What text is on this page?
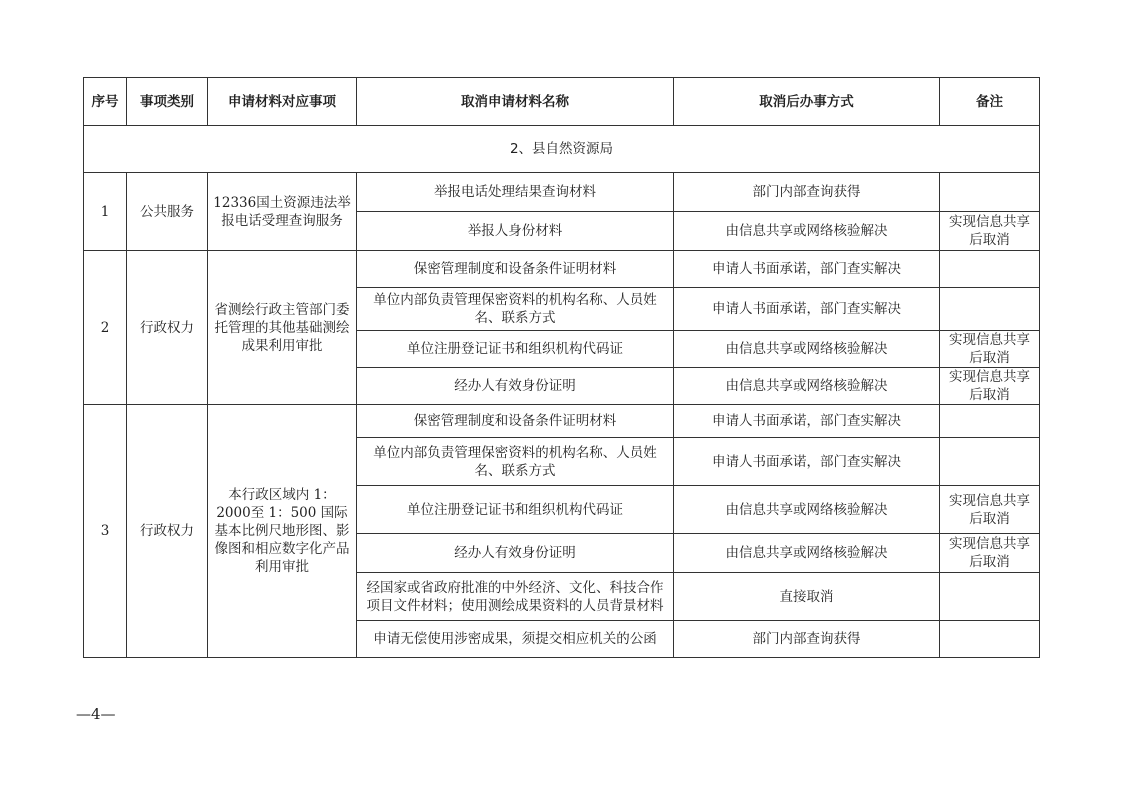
序号	事项类别	申请材料对应事项	取消申请材料名称	取消后办事方式	备注
2、县自然资源局					
1	公共服务	12336国土资源违法举报电话受理查询服务	举报电话处理结果查询材料	部门内部查询获得	
			举报人身份材料	由信息共享或网络核验解决	实现信息共享后取消
2	行政权力	省测绘行政主管部门委托管理的其他基础测绘成果利用审批	保密管理制度和设备条件证明材料	申请人书面承诺，部门查实解决	
			单位内部负责管理保密资料的机构名称、人员姓名、联系方式	申请人书面承诺，部门查实解决	
			单位注册登记证书和组织机构代码证	由信息共享或网络核验解决	实现信息共享后取消
			经办人有效身份证明	由信息共享或网络核验解决	实现信息共享后取消
3	行政权力	本行政区域内 1：2000至 1：500 国际基本比例尺地形图、影像图和相应数字化产品利用审批	保密管理制度和设备条件证明材料	申请人书面承诺，部门查实解决	
			单位内部负责管理保密资料的机构名称、人员姓名、联系方式	申请人书面承诺，部门查实解决	
			单位注册登记证书和组织机构代码证	由信息共享或网络核验解决	实现信息共享后取消
			经办人有效身份证明	由信息共享或网络核验解决	实现信息共享后取消
			经国家或省政府批准的中外经济、文化、科技合作项目文件材料；使用测绘成果资料的人员背景材料	直接取消	
			申请无偿使用涉密成果，须提交相应机关的公函	部门内部查询获得	
—4—
